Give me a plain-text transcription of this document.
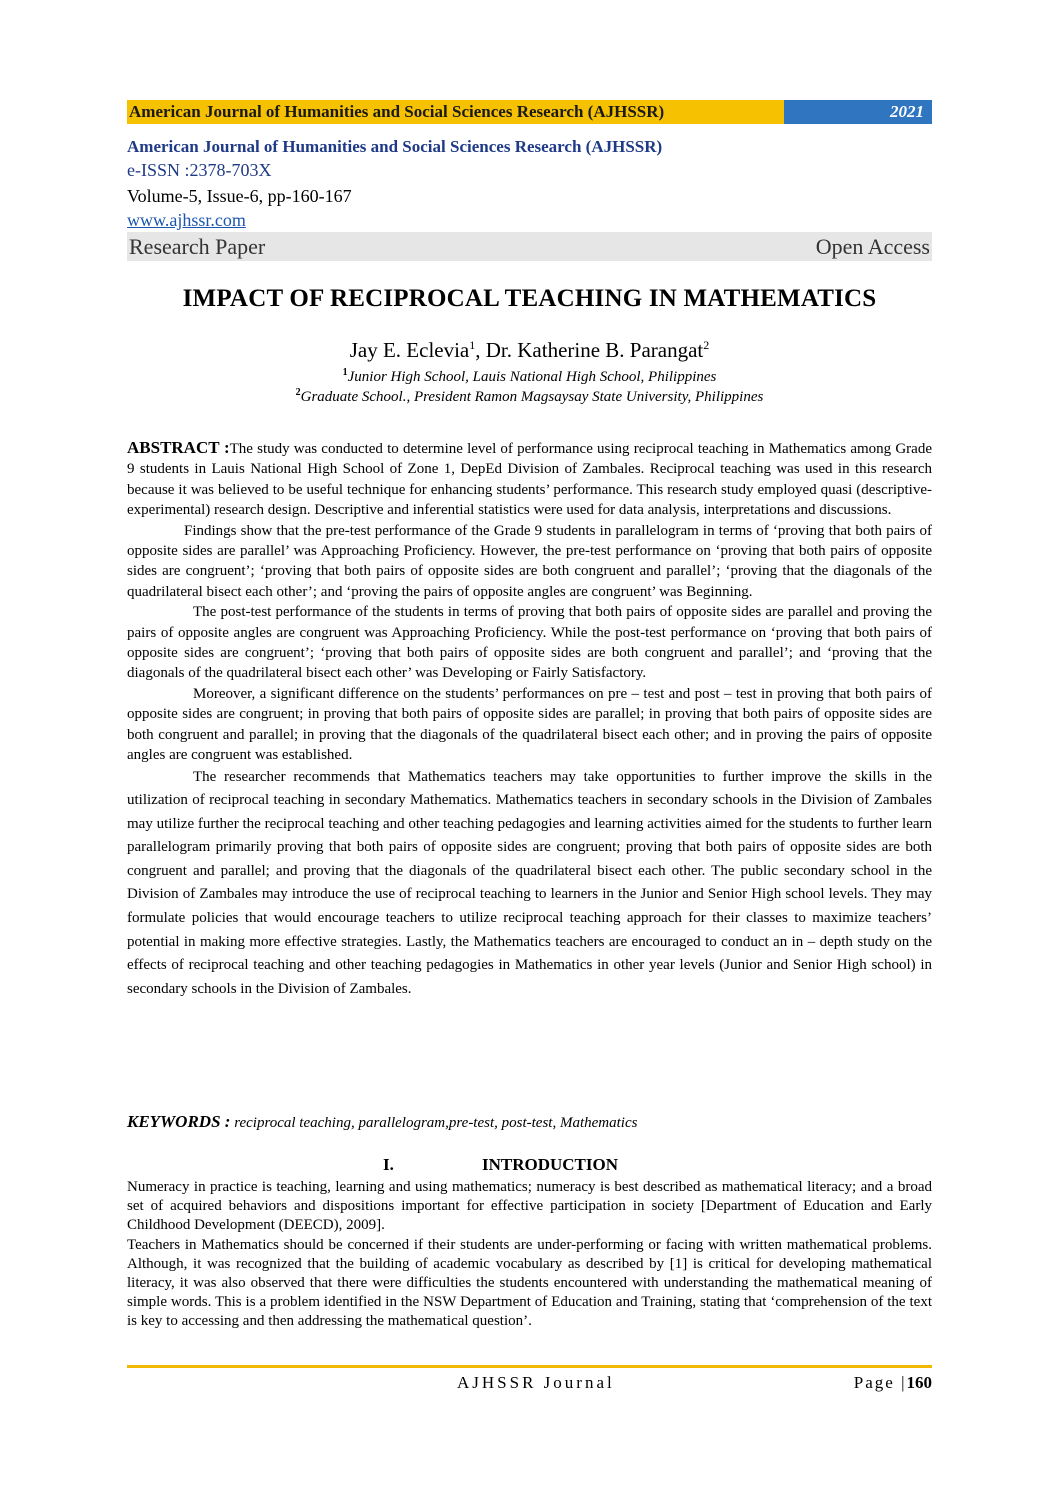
American Journal of Humanities and Social Sciences Research (AJHSSR)	2021
American Journal of Humanities and Social Sciences Research (AJHSSR)
e-ISSN :2378-703X
Volume-5, Issue-6, pp-160-167
www.ajhssr.com
Research Paper	Open Access
IMPACT OF RECIPROCAL TEACHING IN MATHEMATICS
Jay E. Eclevia$^1$, Dr. Katherine B. Parangat$^2$
$^1$Junior High School, Lauis National High School, Philippines
$^2$Graduate School., President Ramon Magsaysay State University, Philippines

ABSTRACT :The study was conducted to determine level of performance using reciprocal teaching in Mathematics among Grade 9 students in Lauis National High School of Zone 1, DepEd Division of Zambales. Reciprocal teaching was used in this research because it was believed to be useful technique for enhancing students’ performance. This research study employed quasi (descriptive-experimental) research design. Descriptive and inferential statistics were used for data analysis, interpretations and discussions.

Findings show that the pre-test performance of the Grade 9 students in parallelogram in terms of ‘proving that both pairs of opposite sides are parallel’ was Approaching Proficiency. However, the pre-test performance on ‘proving that both pairs of opposite sides are congruent’; ‘proving that both pairs of opposite sides are both congruent and parallel’; ‘proving that the diagonals of the quadrilateral bisect each other’; and ‘proving the pairs of opposite angles are congruent’ was Beginning.

The post-test performance of the students in terms of proving that both pairs of opposite sides are parallel and proving the pairs of opposite angles are congruent was Approaching Proficiency. While the post-test performance on ‘proving that both pairs of opposite sides are congruent’; ‘proving that both pairs of opposite sides are both congruent and parallel’; and ‘proving that the diagonals of the quadrilateral bisect each other’ was Developing or Fairly Satisfactory.

Moreover, a significant difference on the students’ performances on pre – test and post – test in proving that both pairs of opposite sides are congruent; in proving that both pairs of opposite sides are parallel; in proving that both pairs of opposite sides are both congruent and parallel; in proving that the diagonals of the quadrilateral bisect each other; and in proving the pairs of opposite angles are congruent was established.

The researcher recommends that Mathematics teachers may take opportunities to further improve the skills in the utilization of reciprocal teaching in secondary Mathematics. Mathematics teachers in secondary schools in the Division of Zambales may utilize further the reciprocal teaching and other teaching pedagogies and learning activities aimed for the students to further learn parallelogram primarily proving that both pairs of opposite sides are congruent; proving that both pairs of opposite sides are both congruent and parallel; and proving that the diagonals of the quadrilateral bisect each other. The public secondary school in the Division of Zambales may introduce the use of reciprocal teaching to learners in the Junior and Senior High school levels. They may formulate policies that would encourage teachers to utilize reciprocal teaching approach for their classes to maximize teachers’ potential in making more effective strategies. Lastly, the Mathematics teachers are encouraged to conduct an in – depth study on the effects of reciprocal teaching and other teaching pedagogies in Mathematics in other year levels (Junior and Senior High school) in secondary schools in the Division of Zambales.

KEYWORDS : reciprocal teaching, parallelogram,pre-test, post-test, Mathematics
I.	INTRODUCTION

Numeracy in practice is teaching, learning and using mathematics; numeracy is best described as mathematical literacy; and a broad set of acquired behaviors and dispositions important for effective participation in society [Department of Education and Early Childhood Development (DEECD), 2009].

Teachers in Mathematics should be concerned if their students are under-performing or facing with written mathematical problems. Although, it was recognized that the building of academic vocabulary as described by [1] is critical for developing mathematical literacy, it was also observed that there were difficulties the students encountered with understanding the mathematical meaning of simple words. This is a problem identified in the NSW Department of Education and Training, stating that ‘comprehension of the text is key to accessing and then addressing the mathematical question’.

AJHSSR Journal	Page |160
